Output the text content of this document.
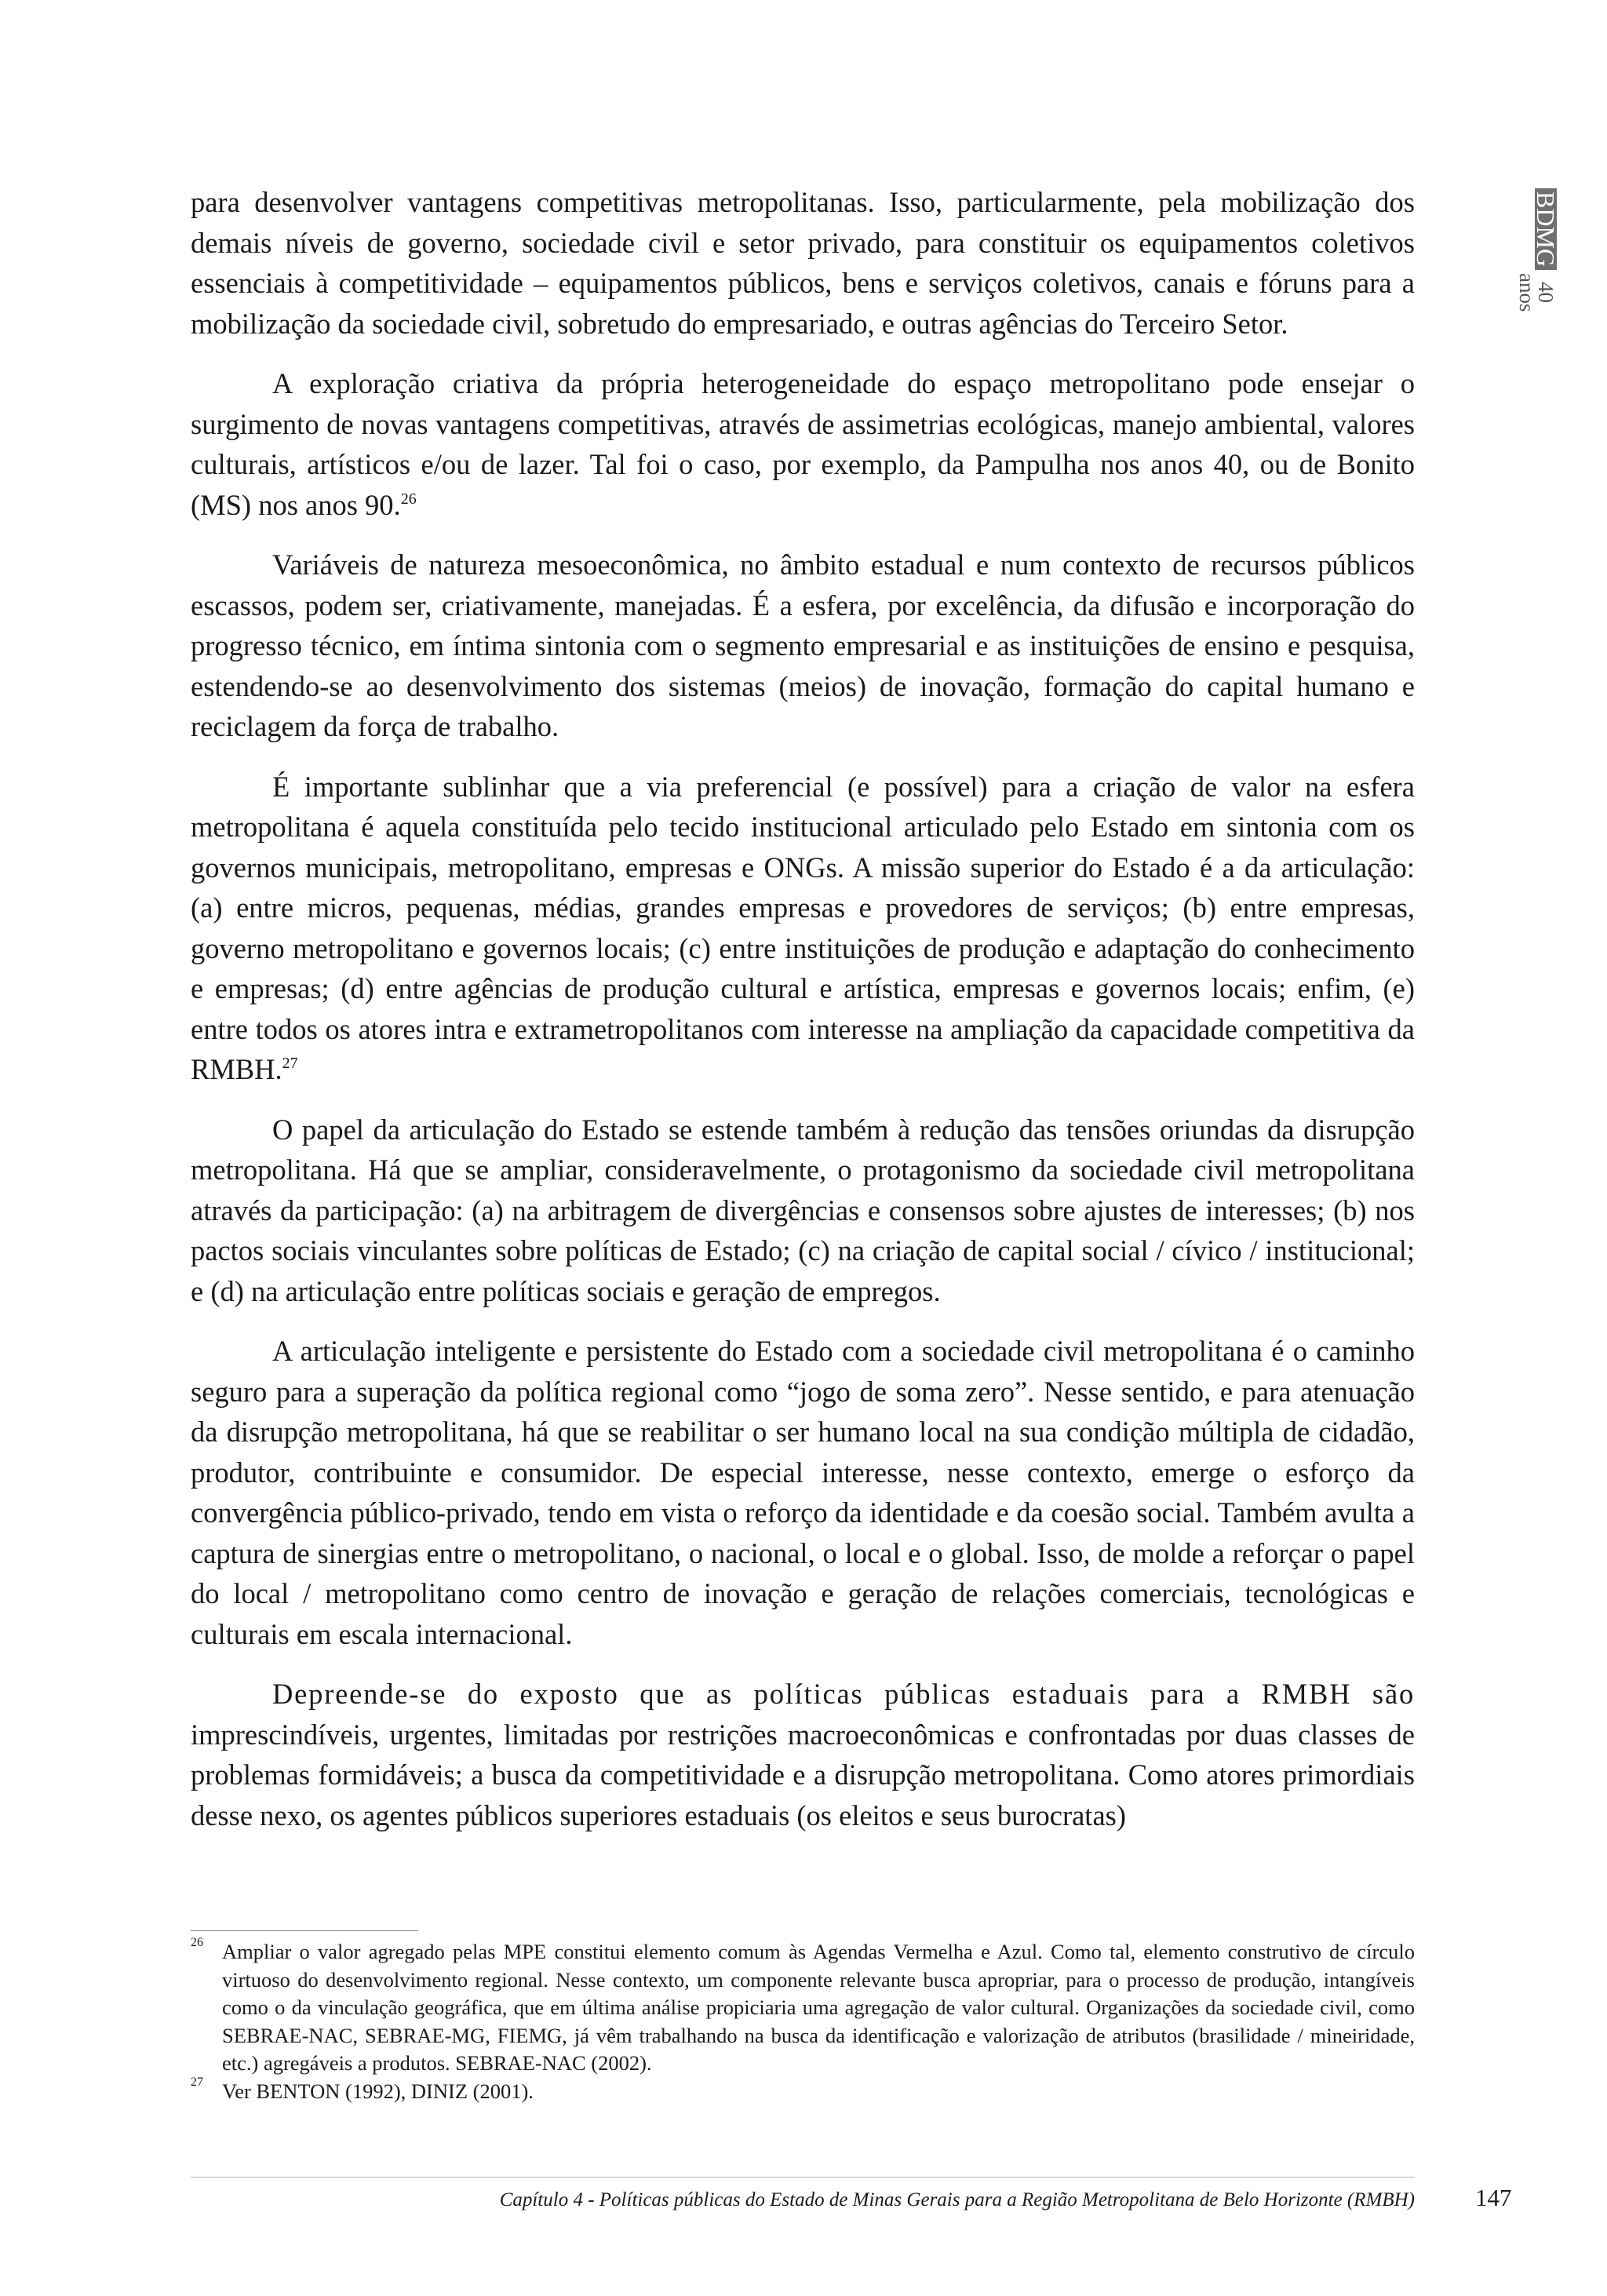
BDMG
40 anos

para desenvolver vantagens competitivas metropolitanas. Isso, particularmente, pela mobilização dos demais níveis de governo, sociedade civil e setor privado, para constituir os equipamentos coletivos essenciais à competitividade – equipamentos públicos, bens e serviços coletivos, canais e fóruns para a mobilização da sociedade civil, sobretudo do empresariado, e outras agências do Terceiro Setor.

A exploração criativa da própria heterogeneidade do espaço metropolitano pode ensejar o surgimento de novas vantagens competitivas, através de assimetrias ecológicas, manejo ambiental, valores culturais, artísticos e/ou de lazer. Tal foi o caso, por exemplo, da Pampulha nos anos 40, ou de Bonito (MS) nos anos 90.26

Variáveis de natureza mesoeconômica, no âmbito estadual e num contexto de recursos públicos escassos, podem ser, criativamente, manejadas. É a esfera, por excelência, da difusão e incorporação do progresso técnico, em íntima sintonia com o segmento empresarial e as instituições de ensino e pesquisa, estendendo-se ao desenvolvimento dos sistemas (meios) de inovação, formação do capital humano e reciclagem da força de trabalho.

É importante sublinhar que a via preferencial (e possível) para a criação de valor na esfera metropolitana é aquela constituída pelo tecido institucional articulado pelo Estado em sintonia com os governos municipais, metropolitano, empresas e ONGs. A missão superior do Estado é a da articulação: (a) entre micros, pequenas, médias, grandes empresas e provedores de serviços; (b) entre empresas, governo metropolitano e governos locais; (c) entre instituições de produção e adaptação do conhecimento e empresas; (d) entre agências de produção cultural e artística, empresas e governos locais; enfim, (e) entre todos os atores intra e extrametropolitanos com interesse na ampliação da capacidade competitiva da RMBH.$^{27}$

O papel da articulação do Estado se estende também à redução das tensões oriundas da disrupção metropolitana. Há que se ampliar, consideravelmente, o protagonismo da sociedade civil metropolitana através da participação: (a) na arbitragem de divergências e consensos sobre ajustes de interesses; (b) nos pactos sociais vinculantes sobre políticas de Estado; (c) na criação de capital social / cívico / institucional; e (d) na articulação entre políticas sociais e geração de empregos.

A articulação inteligente e persistente do Estado com a sociedade civil metropolitana é o caminho seguro para a superação da política regional como “jogo de soma zero”. Nesse sentido, e para atenuação da disrupção metropolitana, há que se reabilitar o ser humano local na sua condição múltipla de cidadão, produtor, contribuinte e consumidor. De especial interesse, nesse contexto, emerge o esforço da convergência público-privado, tendo em vista o reforço da identidade e da coesão social. Também avulta a captura de sinergias entre o metropolitano, o nacional, o local e o global. Isso, de molde a reforçar o papel do local / metropolitano como centro de inovação e geração de relações comerciais, tecnológicas e culturais em escala internacional.

Depreende-se do exposto que as políticas públicas estaduais para a RMBH são imprescindíveis, urgentes, limitadas por restrições macroeconômicas e confrontadas por duas classes de problemas formidáveis; a busca da competitividade e a disrupção metropolitana. Como atores primordiais desse nexo, os agentes públicos superiores estaduais (os eleitos e seus burocratas)

26 Ampliar o valor agregado pelas MPE constitui elemento comum às Agendas Vermelha e Azul. Como tal, elemento construtivo de círculo virtuoso do desenvolvimento regional. Nesse contexto, um componente relevante busca apropriar, para o processo de produção, intangíveis como o da vinculação geográfica, que em última análise propiciaria uma agregação de valor cultural. Organizações da sociedade civil, como SEBRAE-NAC, SEBRAE-MG, FIEMG, já vêm trabalhando na busca da identificação e valorização de atributos (brasilidade / mineiridade, etc.) agregáveis a produtos. SEBRAE-NAC (2002).
27 Ver BENTON (1992), DINIZ (2001).
Capítulo 4 - Políticas públicas do Estado de Minas Gerais para a Região Metropolitana de Belo Horizonte (RMBH) 147
